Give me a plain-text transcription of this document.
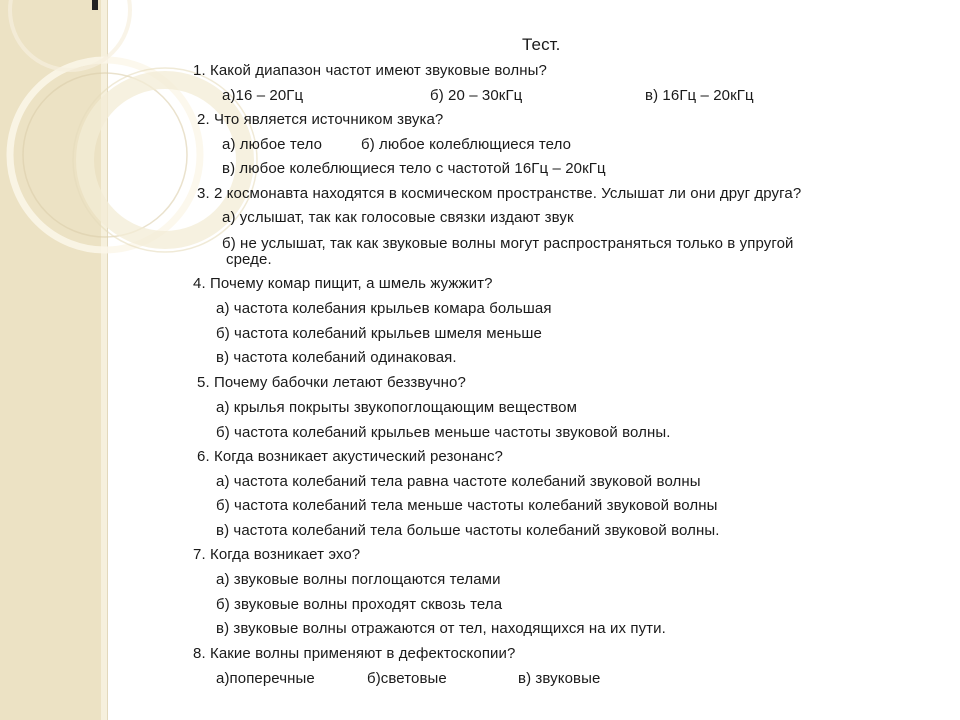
Тест.
1. Какой диапазон частот имеют звуковые волны?
а)16 – 20Гц	б) 20 – 30кГц	в) 16Гц – 20кГц
2. Что является источником звука?
а) любое тело	б) любое колеблющиеся тело
в) любое колеблющиеся тело с частотой 16Гц – 20кГц
3. 2 космонавта находятся в космическом пространстве. Услышат ли они друг друга?
а) услышат, так как голосовые связки издают звук
б) не услышат, так как звуковые волны могут распространяться только в упругой
среде.
4. Почему комар пищит, а шмель жужжит?
а) частота колебания крыльев комара большая
б) частота колебаний крыльев шмеля меньше
в) частота колебаний одинаковая.
5. Почему бабочки летают беззвучно?
а) крылья покрыты звукопоглощающим веществом
б) частота колебаний крыльев меньше частоты звуковой волны.
6. Когда возникает акустический резонанс?
а) частота колебаний тела равна частоте колебаний звуковой волны
б) частота колебаний тела меньше частоты колебаний звуковой волны
в) частота колебаний тела больше частоты колебаний звуковой волны.
7. Когда возникает эхо?
а) звуковые волны поглощаются телами
б) звуковые волны проходят сквозь тела
в) звуковые волны отражаются от тел, находящихся на их пути.
8. Какие волны применяют в дефектоскопии?
а)поперечные	б)световые	в) звуковые
